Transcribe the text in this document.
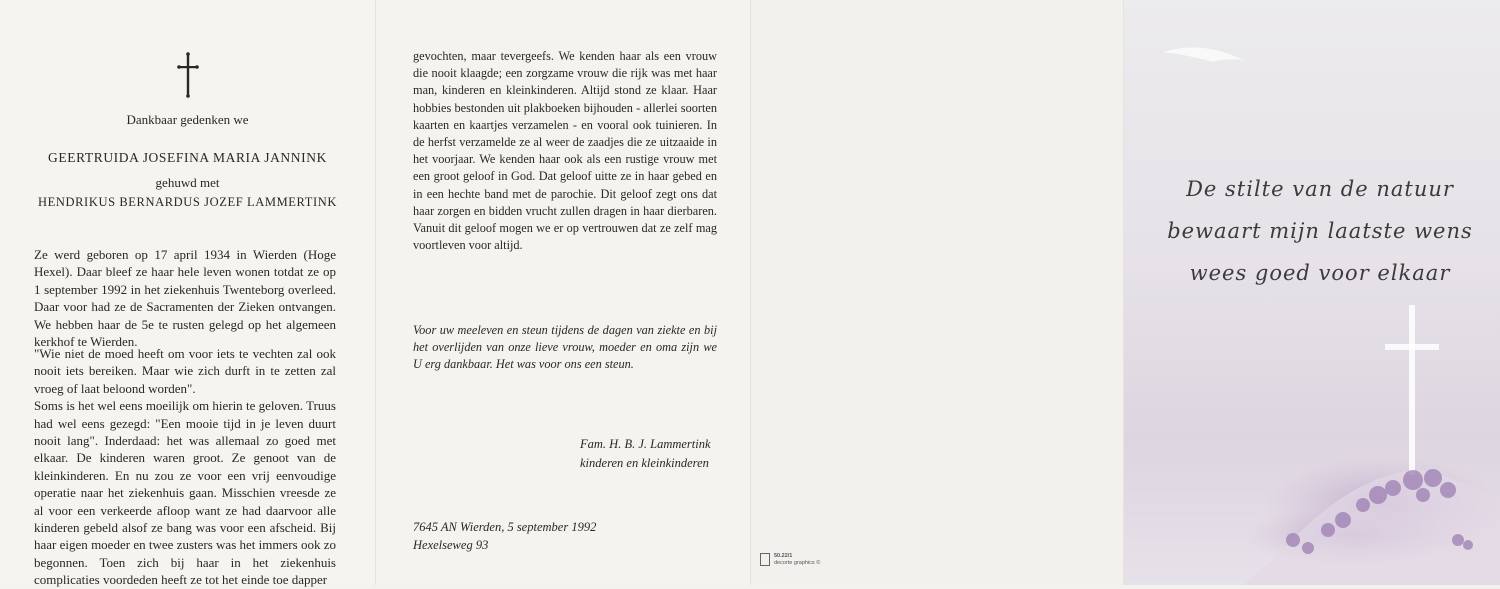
Dankbaar gedenken we
GEERTRUIDA JOSEFINA MARIA JANNINK
gehuwd met
HENDRIKUS BERNARDUS JOZEF LAMMERTINK
Ze werd geboren op 17 april 1934 in Wierden (Hoge Hexel). Daar bleef ze haar hele leven wonen totdat ze op 1 september 1992 in het ziekenhuis Twenteborg overleed. Daar voor had ze de Sacramenten der Zieken ontvangen. We hebben haar de 5e te rusten gelegd op het algemeen kerkhof te Wierden.
"Wie niet de moed heeft om voor iets te vechten zal ook nooit iets bereiken. Maar wie zich durft in te zetten zal vroeg of laat beloond worden".
Soms is het wel eens moeilijk om hierin te geloven. Truus had wel eens gezegd: "Een mooie tijd in je leven duurt nooit lang". Inderdaad: het was allemaal zo goed met elkaar. De kinderen waren groot. Ze genoot van de kleinkinderen. En nu zou ze voor een vrij eenvoudige operatie naar het ziekenhuis gaan. Misschien vreesde ze al voor een verkeerde afloop want ze had daarvoor alle kinderen gebeld alsof ze bang was voor een afscheid. Bij haar eigen moeder en twee zusters was het immers ook zo begonnen. Toen zich bij haar in het ziekenhuis complicaties voordeden heeft ze tot het einde toe dapper
gevochten, maar tevergeefs. We kenden haar als een vrouw die nooit klaagde; een zorgzame vrouw die rijk was met haar man, kinderen en kleinkinderen. Altijd stond ze klaar. Haar hobbies bestonden uit plakboeken bijhouden - allerlei soorten kaarten en kaartjes verzamelen - en vooral ook tuinieren. In de herfst verzamelde ze al weer de zaadjes die ze uitzaaide in het voorjaar. We kenden haar ook als een rustige vrouw met een groot geloof in God. Dat geloof uitte ze in haar gebed en in een hechte band met de parochie. Dit geloof zegt ons dat haar zorgen en bidden vrucht zullen dragen in haar dierbaren. Vanuit dit geloof mogen we er op vertrouwen dat ze zelf mag voortleven voor altijd.
Voor uw meeleven en steun tijdens de dagen van ziekte en bij het overlijden van onze lieve vrouw, moeder en oma zijn we U erg dankbaar. Het was voor ons een steun.
Fam. H. B. J. Lammertink
kinderen en kleinkinderen
7645 AN Wierden, 5 september 1992
Hexelseweg 93
50.22/1
decorte graphics ©
De stilte van de natuur
bewaart mijn laatste wens
wees goed voor elkaar
